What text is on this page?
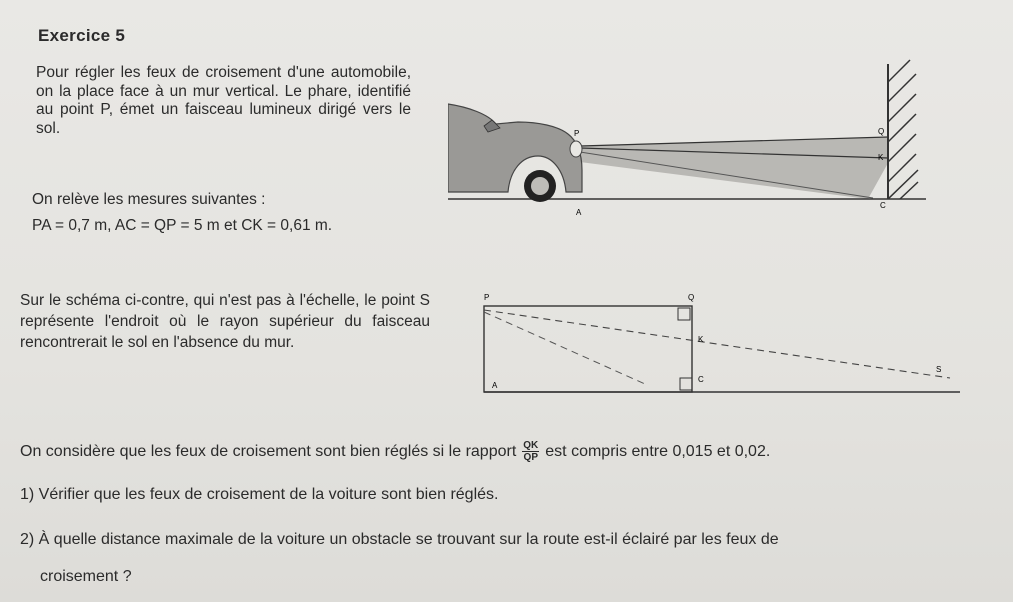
Exercice 5
Pour régler les feux de croisement d'une automobile, on la place face à un mur vertical. Le phare, identifié au point P, émet un faisceau lumineux dirigé vers le sol.
On relève les mesures suivantes :
PA = 0,7 m, AC = QP = 5 m et CK = 0,61 m.
P	Q
K
A
C
Sur le schéma ci-contre, qui n'est pas à l'échelle, le point S représente l'endroit où le rayon supérieur du faisceau rencontrerait le sol en l'absence du mur.
P	Q
K
A
C
S
On considère que les feux de croisement sont bien réglés si le rapport $\frac{QK}{QP}$ est compris entre 0,015 et 0,02.
1) Vérifier que les feux de croisement de la voiture sont bien réglés.
2) À quelle distance maximale de la voiture un obstacle se trouvant sur la route est-il éclairé par les feux de
croisement ?
